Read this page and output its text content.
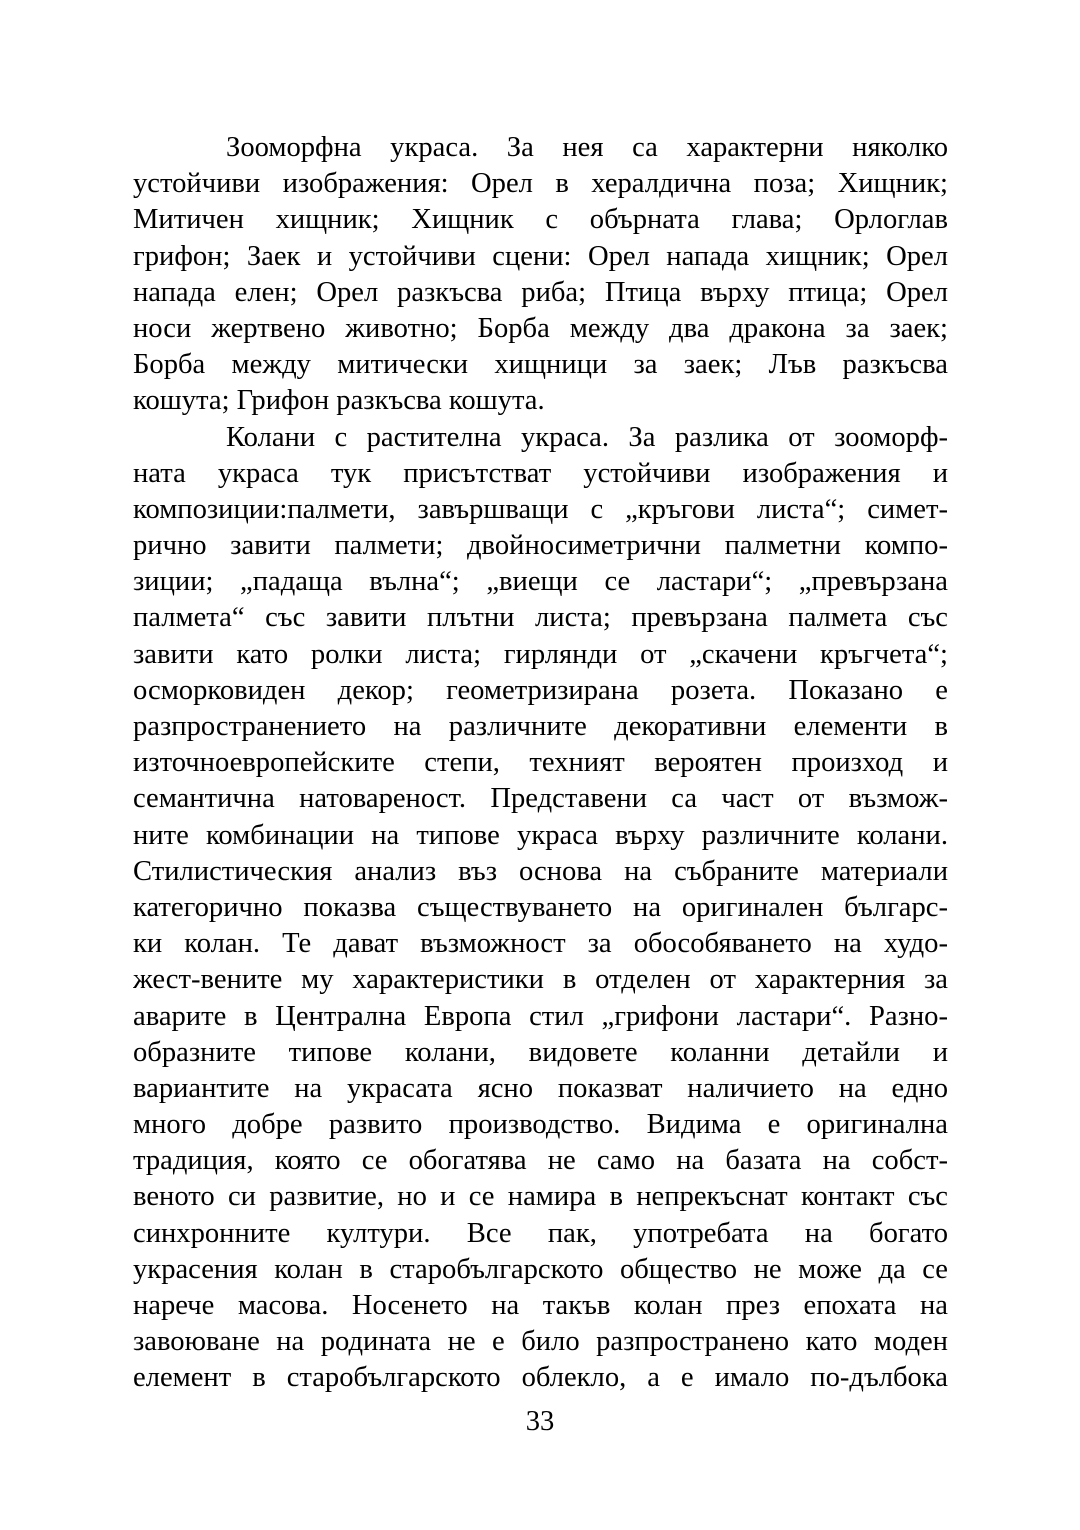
Зооморфна украса. За нея са характерни няколко
устойчиви изображения: Орел в хералдична поза; Хищник;
Митичен хищник; Хищник с обърната глава; Орлоглав
грифон; Заек и устойчиви сцени: Орел напада хищник; Орел
напада елен; Орел разкъсва риба; Птица върху птица; Орел
носи жертвено животно; Борба между два дракона за заек;
Борба между митически хищници за заек; Лъв разкъсва
кошута; Грифон разкъсва кошута.
Колани с растителна украса. За разлика от зооморф-
ната украса тук присътстват устойчиви изображения и
композиции:палмети, завършващи с „кръгови листа“; симет-
рично завити палмети; двойносиметрични палметни компо-
зиции; „падаща вълна“; „виещи се ластари“; „превързана
палмета“ със завити плътни листа; превързана палмета със
завити като ролки листа; гирлянди от „скачени кръгчета“;
осморковиден декор; геометризирана розета. Показано е
разпространението на различните декоративни елементи в
източноевропейските степи, техният вероятен произход и
семантична натовареност. Представени са част от възмож-
ните комбинации на типове украса върху различните колани.
Стилистическия анализ въз основа на събраните материали
категорично показва съществуването на оригинален българс-
ки колан. Те дават възможност за обособяването на худо-
жест-вените му характеристики в отделен от характерния за
аварите в Централна Европа стил „грифони ластари“. Разно-
образните типове колани, видовете коланни детайли и
вариантите на украсата ясно показват наличието на едно
много добре развито производство. Видима е оригинална
традиция, която се обогатява не само на базата на собст-
веното си развитие, но и се намира в непрекъснат контакт със
синхронните култури. Все пак, употребата на богато
украсения колан в старобългарското общество не може да се
нарече масова. Носенето на такъв колан през епохата на
завоюване на родината не е било разпространено като моден
елемент в старобългарското облекло, а е имало по-дълбока
33
